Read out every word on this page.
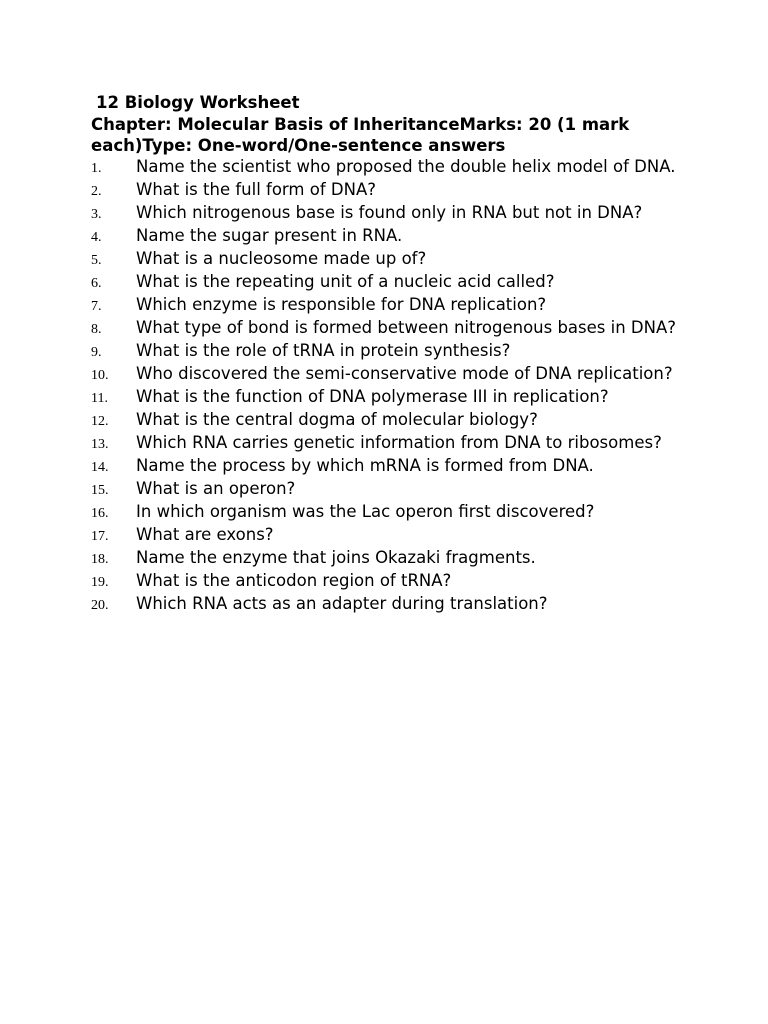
12 Biology Worksheet

Chapter: Molecular Basis of InheritanceMarks: 20 (1 mark each)Type: One-word/One-sentence answers

1. Name the scientist who proposed the double helix model of DNA.
2. What is the full form of DNA?
3. Which nitrogenous base is found only in RNA but not in DNA?
4. Name the sugar present in RNA.
5. What is a nucleosome made up of?
6. What is the repeating unit of a nucleic acid called?
7. Which enzyme is responsible for DNA replication?
8. What type of bond is formed between nitrogenous bases in DNA?
9. What is the role of tRNA in protein synthesis?
10. Who discovered the semi-conservative mode of DNA replication?
11. What is the function of DNA polymerase III in replication?
12. What is the central dogma of molecular biology?
13. Which RNA carries genetic information from DNA to ribosomes?
14. Name the process by which mRNA is formed from DNA.
15. What is an operon?
16. In which organism was the Lac operon first discovered?
17. What are exons?
18. Name the enzyme that joins Okazaki fragments.
19. What is the anticodon region of tRNA?
20. Which RNA acts as an adapter during translation?
